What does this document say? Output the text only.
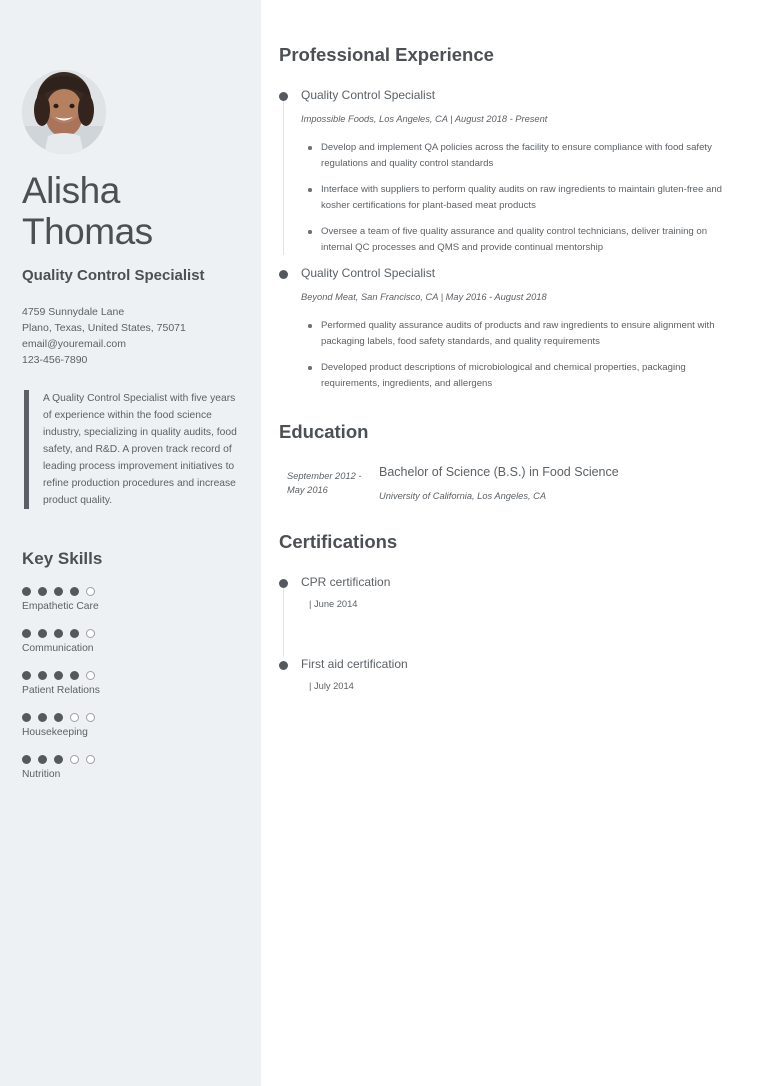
Alisha
Thomas
Quality Control Specialist
4759 Sunnydale Lane
Plano, Texas, United States, 75071
email@youremail.com
123-456-7890
A Quality Control Specialist with five years of experience within the food science industry, specializing in quality audits, food safety, and R&D. A proven track record of leading process improvement initiatives to refine production procedures and increase product quality.
Key Skills
Empathetic Care
Communication
Patient Relations
Housekeeping
Nutrition
Professional Experience
Quality Control Specialist
Impossible Foods, Los Angeles, CA | August 2018 - Present
Develop and implement QA policies across the facility to ensure compliance with food safety regulations and quality control standards
Interface with suppliers to perform quality audits on raw ingredients to maintain gluten-free and kosher certifications for plant-based meat products
Oversee a team of five quality assurance and quality control technicians, deliver training on internal QC processes and QMS and provide continual mentorship
Quality Control Specialist
Beyond Meat, San Francisco, CA | May 2016 - August 2018
Performed quality assurance audits of products and raw ingredients to ensure alignment with packaging labels, food safety standards, and quality requirements
Developed product descriptions of microbiological and chemical properties, packaging requirements, ingredients, and allergens
Education
September 2012 - May 2016
Bachelor of Science (B.S.) in Food Science
University of California, Los Angeles, CA
Certifications
CPR certification
| June 2014
First aid certification
| July 2014
